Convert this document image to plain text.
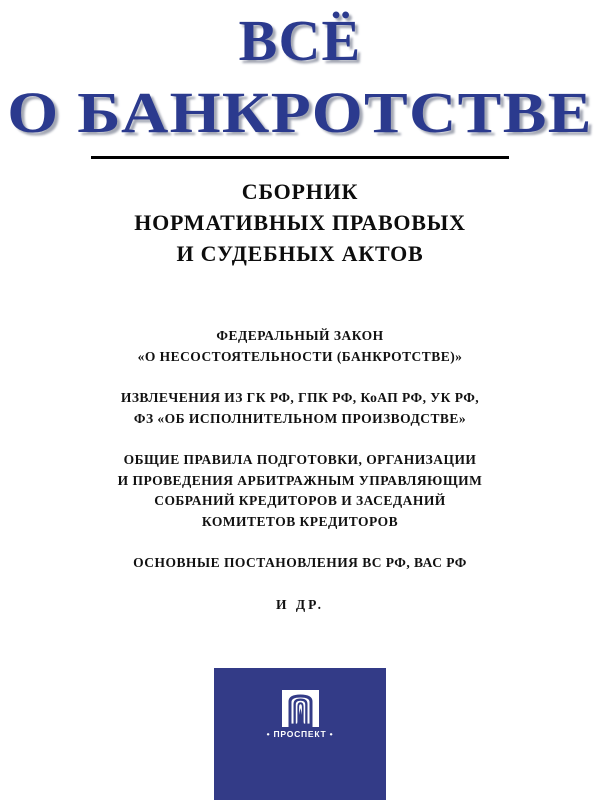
ВСЁ
О БАНКРОТСТВЕ
СБОРНИК
НОРМАТИВНЫХ ПРАВОВЫХ
И СУДЕБНЫХ АКТОВ
ФЕДЕРАЛЬНЫЙ ЗАКОН
«О НЕСОСТОЯТЕЛЬНОСТИ (БАНКРОТСТВЕ)»
ИЗВЛЕЧЕНИЯ ИЗ ГК РФ, ГПК РФ, КоАП РФ, УК РФ,
ФЗ «ОБ ИСПОЛНИТЕЛЬНОМ ПРОИЗВОДСТВЕ»
ОБЩИЕ ПРАВИЛА ПОДГОТОВКИ, ОРГАНИЗАЦИИ
И ПРОВЕДЕНИЯ АРБИТРАЖНЫМ УПРАВЛЯЮЩИМ
СОБРАНИЙ КРЕДИТОРОВ И ЗАСЕДАНИЙ
КОМИТЕТОВ КРЕДИТОРОВ
ОСНОВНЫЕ ПОСТАНОВЛЕНИЯ ВС РФ, ВАС РФ
И ДР.
• ПРОСПЕКТ •
